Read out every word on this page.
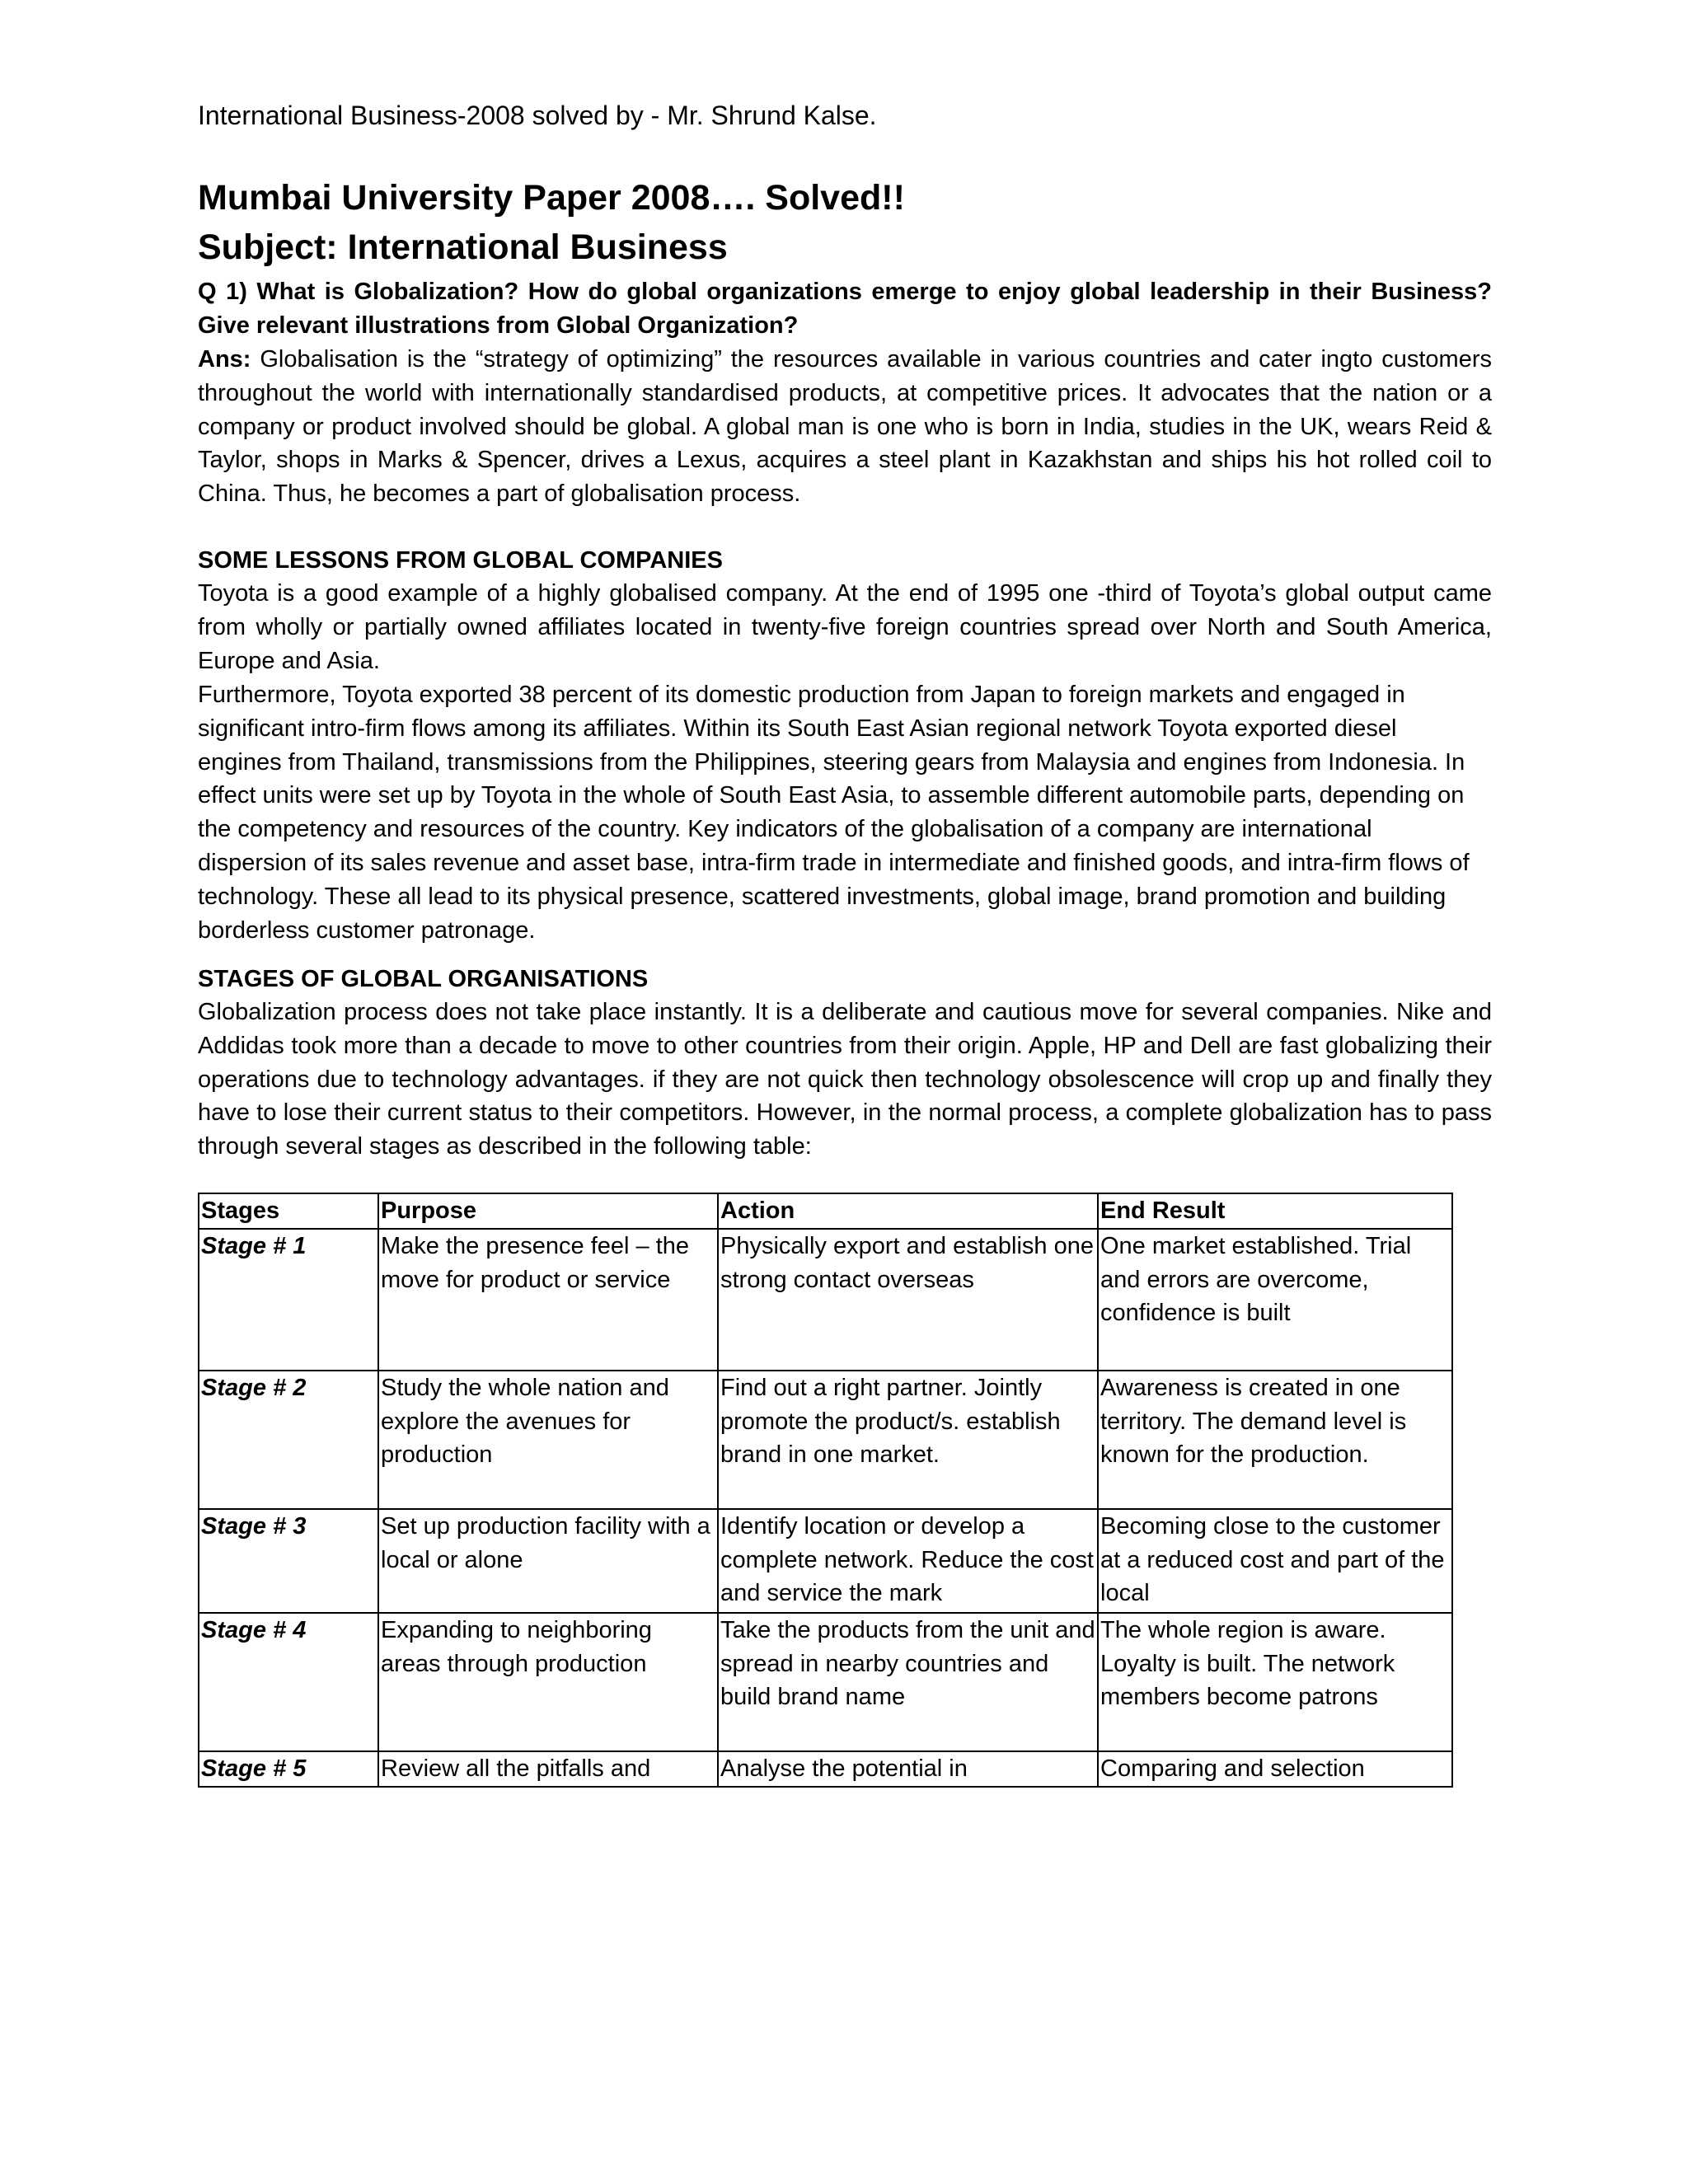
International Business-2008 solved by - Mr. Shrund Kalse.
Mumbai University Paper 2008…. Solved!!
Subject: International Business
Q 1) What is Globalization? How do global organizations emerge to enjoy global leadership in their Business? Give relevant illustrations from Global Organization?
Ans: Globalisation is the “strategy of optimizing” the resources available in various countries and cater ingto customers throughout the world with internationally standardised products, at competitive prices. It advocates that the nation or a company or product involved should be global. A global man is one who is born in India, studies in the UK, wears Reid & Taylor, shops in Marks & Spencer, drives a Lexus, acquires a steel plant in Kazakhstan and ships his hot rolled coil to China. Thus, he becomes a part of globalisation process.
SOME LESSONS FROM GLOBAL COMPANIES
Toyota is a good example of a highly globalised company. At the end of 1995 one -third of Toyota’s global output came from wholly or partially owned affiliates located in twenty-five foreign countries spread over North and South America, Europe and Asia.
Furthermore, Toyota exported 38 percent of its domestic production from Japan to foreign markets and engaged in significant intro-firm flows among its affiliates. Within its South East Asian regional network Toyota exported diesel engines from Thailand, transmissions from the Philippines, steering gears from Malaysia and engines from Indonesia. In effect units were set up by Toyota in the whole of South East Asia, to assemble different automobile parts, depending on the competency and resources of the country. Key indicators of the globalisation of a company are international dispersion of its sales revenue and asset base, intra-firm trade in intermediate and finished goods, and intra-firm flows of technology. These all lead to its physical presence, scattered investments, global image, brand promotion and building borderless customer patronage.
STAGES OF GLOBAL ORGANISATIONS
Globalization process does not take place instantly. It is a deliberate and cautious move for several companies. Nike and Addidas took more than a decade to move to other countries from their origin. Apple, HP and Dell are fast globalizing their operations due to technology advantages. if they are not quick then technology obsolescence will crop up and finally they have to lose their current status to their competitors. However, in the normal process, a complete globalization has to pass through several stages as described in the following table:
Stages	Purpose	Action	End Result
Stage # 1	Make the presence feel – the move for product or service	Physically export and establish one strong contact overseas	One market established. Trial and errors are overcome, confidence is built
Stage # 2	Study the whole nation and explore the avenues for production	Find out a right partner. Jointly promote the product/s. establish brand in one market.	Awareness is created in one territory. The demand level is known for the production.
Stage # 3	Set up production facility with a local or alone	Identify location or develop a complete network. Reduce the cost and service the mark	Becoming close to the customer at a reduced cost and part of the local
Stage # 4	Expanding to neighboring areas through production	Take the products from the unit and spread in nearby countries and build brand name	The whole region is aware. Loyalty is built. The network members become patrons
Stage # 5	Review all the pitfalls and	Analyse the potential in	Comparing and selection
